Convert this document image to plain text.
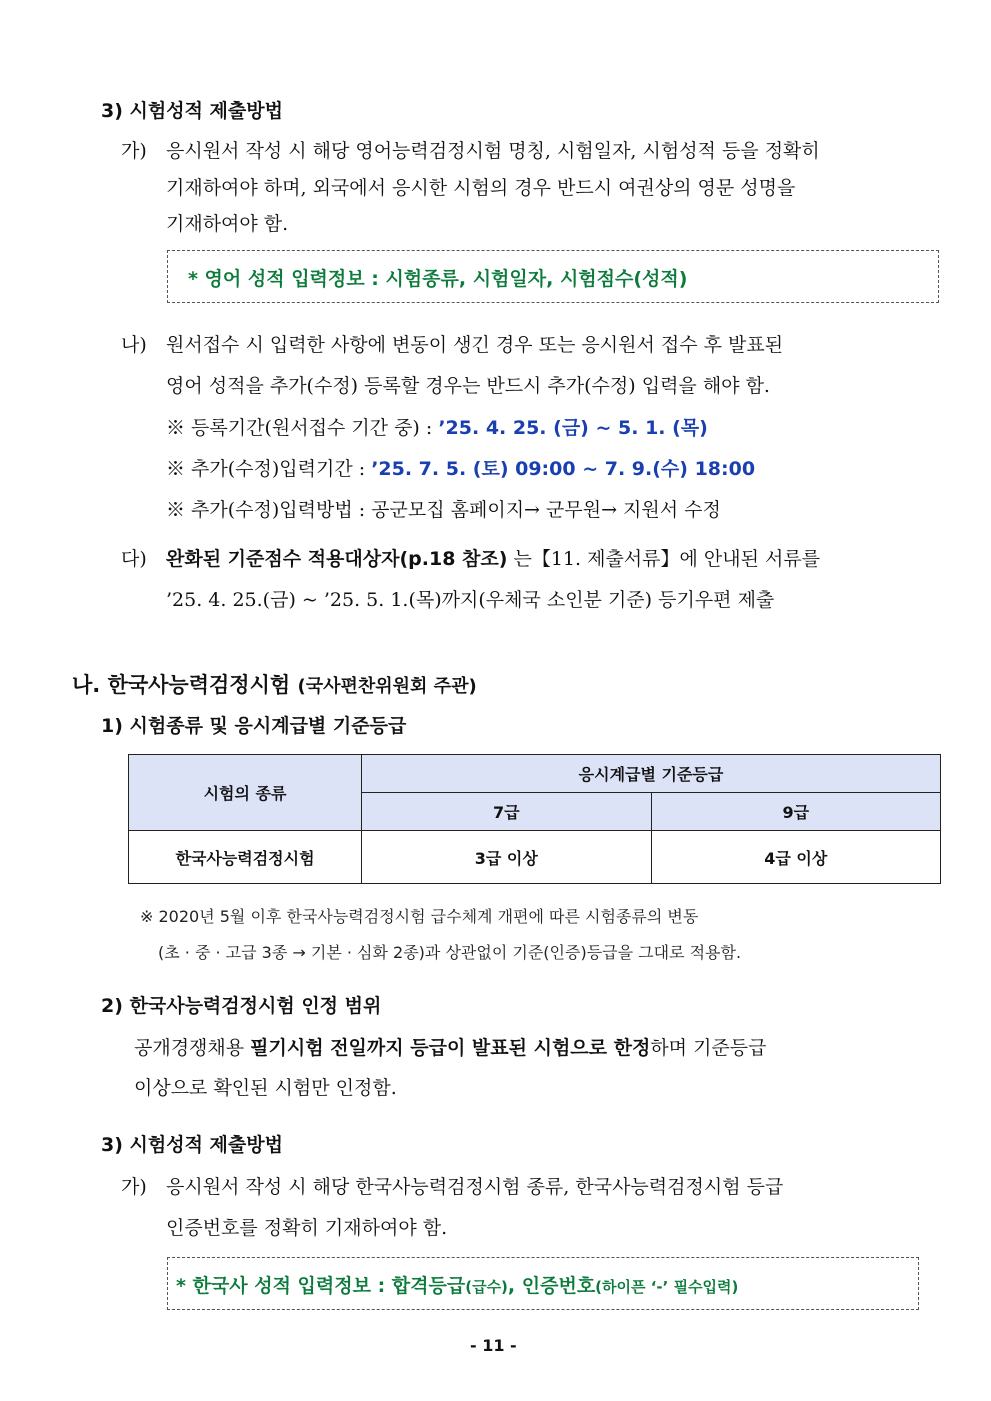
3) 시험성적 제출방법
가) 응시원서 작성 시 해당 영어능력검정시험 명칭, 시험일자, 시험성적 등을 정확히
기재하여야 하며, 외국에서 응시한 시험의 경우 반드시 여권상의 영문 성명을
기재하여야 함.
* 영어 성적 입력정보 : 시험종류, 시험일자, 시험점수(성적)
나) 원서접수 시 입력한 사항에 변동이 생긴 경우 또는 응시원서 접수 후 발표된
영어 성적을 추가(수정) 등록할 경우는 반드시 추가(수정) 입력을 해야 함.
※ 등록기간(원서접수 기간 중) : ’25. 4. 25. (금) ~ 5. 1. (목)
※ 추가(수정)입력기간 : ’25. 7. 5. (토) 09:00 ~ 7. 9.(수) 18:00
※ 추가(수정)입력방법 : 공군모집 홈페이지→ 군무원→ 지원서 수정
다) 완화된 기준점수 적용대상자(p.18 참조) 는【11. 제출서류】에 안내된 서류를
’25. 4. 25.(금) ~ ’25. 5. 1.(목)까지(우체국 소인분 기준) 등기우편 제출
나. 한국사능력검정시험 (국사편찬위원회 주관)
1) 시험종류 및 응시계급별 기준등급
시험의 종류	응시계급별 기준등급	
	7급	9급
한국사능력검정시험	3급 이상	4급 이상
※ 2020년 5월 이후 한국사능력검정시험 급수체계 개편에 따른 시험종류의 변동
(초 · 중 · 고급 3종 → 기본 · 심화 2종)과 상관없이 기준(인증)등급을 그대로 적용함.
2) 한국사능력검정시험 인정 범위
공개경쟁채용 필기시험 전일까지 등급이 발표된 시험으로 한정하며 기준등급
이상으로 확인된 시험만 인정함.
3) 시험성적 제출방법
가) 응시원서 작성 시 해당 한국사능력검정시험 종류, 한국사능력검정시험 등급
인증번호를 정확히 기재하여야 함.
* 한국사 성적 입력정보 : 합격등급(급수), 인증번호(하이픈 ‘-’ 필수입력)
- 11 -
